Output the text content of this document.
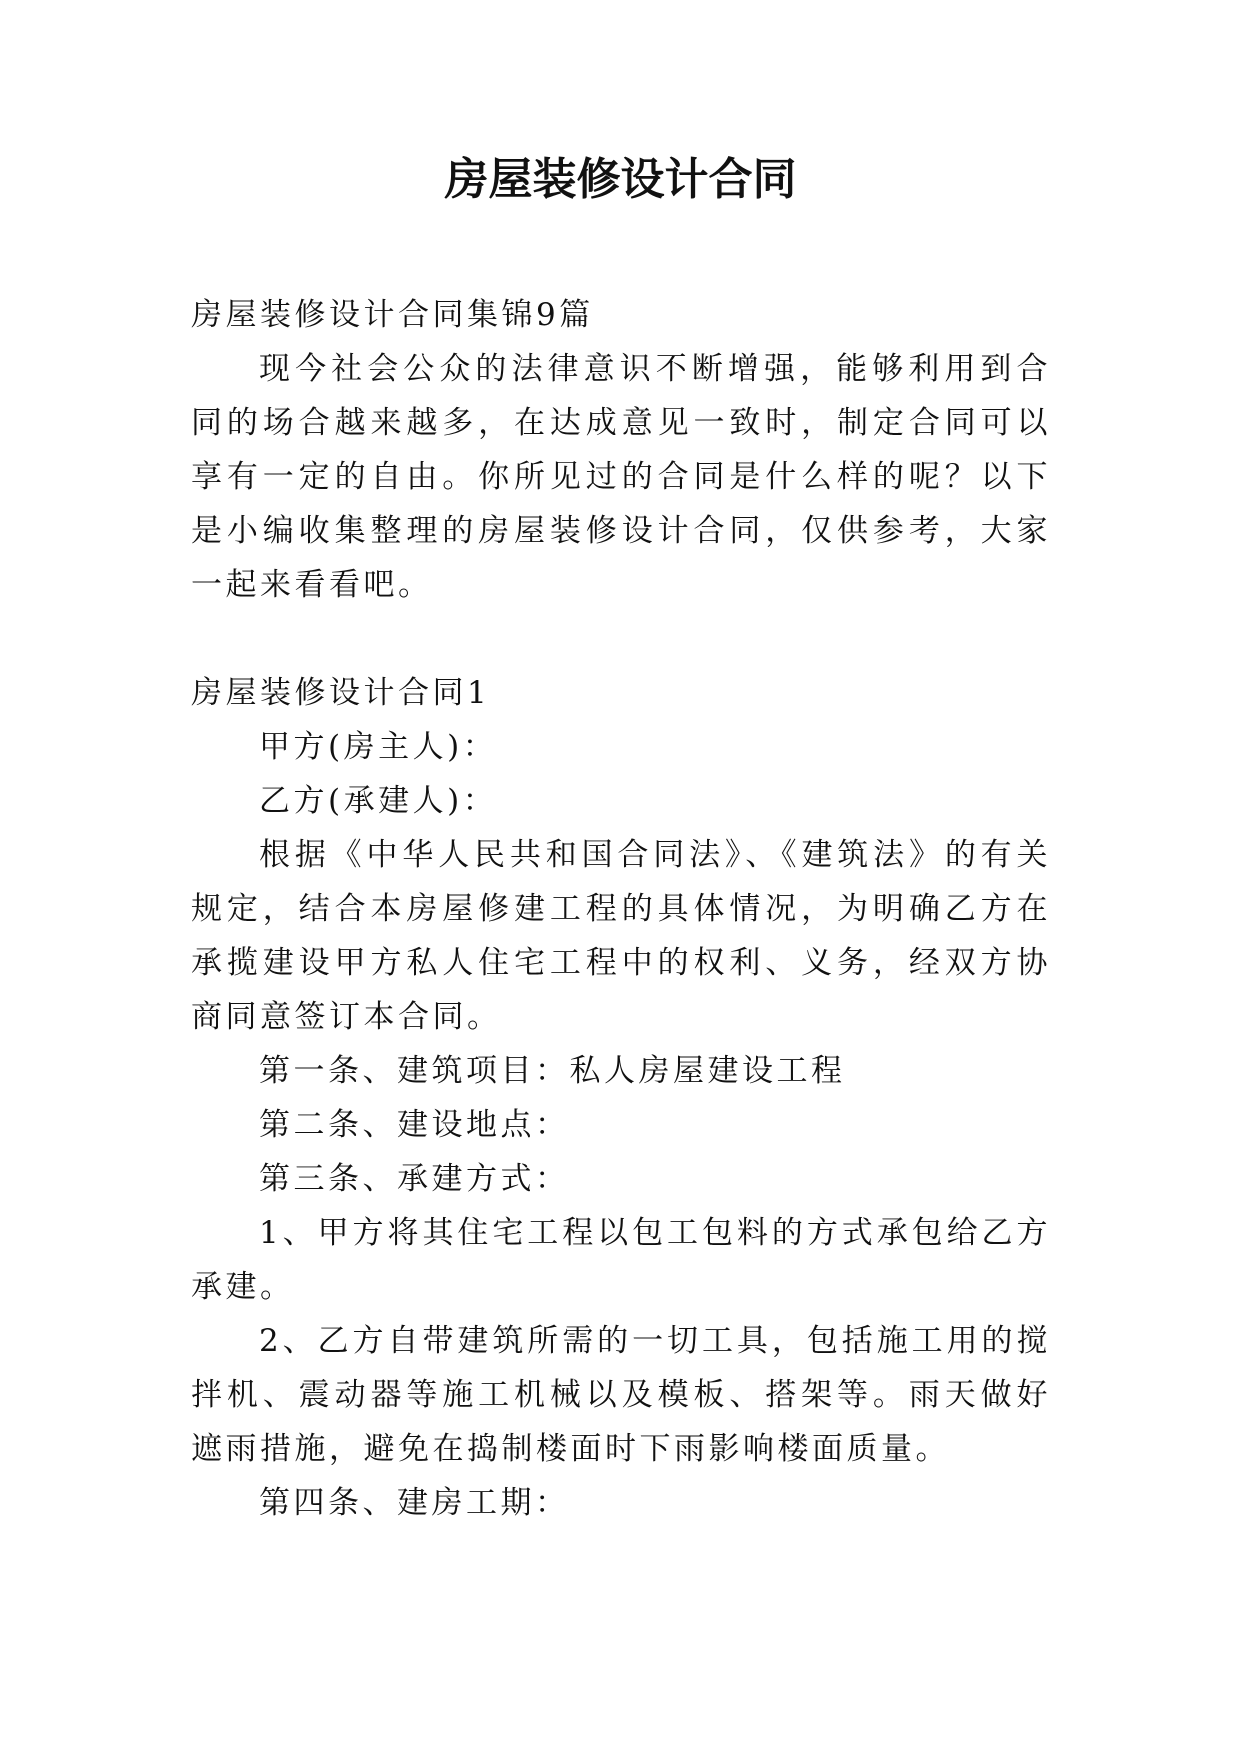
房屋装修设计合同

房屋装修设计合同集锦9篇

现今社会公众的法律意识不断增强，能够利用到合同的场合越来越多，在达成意见一致时，制定合同可以享有一定的自由。你所见过的合同是什么样的呢？以下是小编收集整理的房屋装修设计合同，仅供参考，大家一起来看看吧。

房屋装修设计合同1

甲方(房主人)：

乙方(承建人)：

根据《中华人民共和国合同法》、《建筑法》的有关规定，结合本房屋修建工程的具体情况，为明确乙方在承揽建设甲方私人住宅工程中的权利、义务，经双方协商同意签订本合同。

第一条、建筑项目：私人房屋建设工程

第二条、建设地点：

第三条、承建方式：

1、甲方将其住宅工程以包工包料的方式承包给乙方承建。

2、乙方自带建筑所需的一切工具，包括施工用的搅拌机、震动器等施工机械以及模板、搭架等。雨天做好遮雨措施，避免在捣制楼面时下雨影响楼面质量。

第四条、建房工期：
